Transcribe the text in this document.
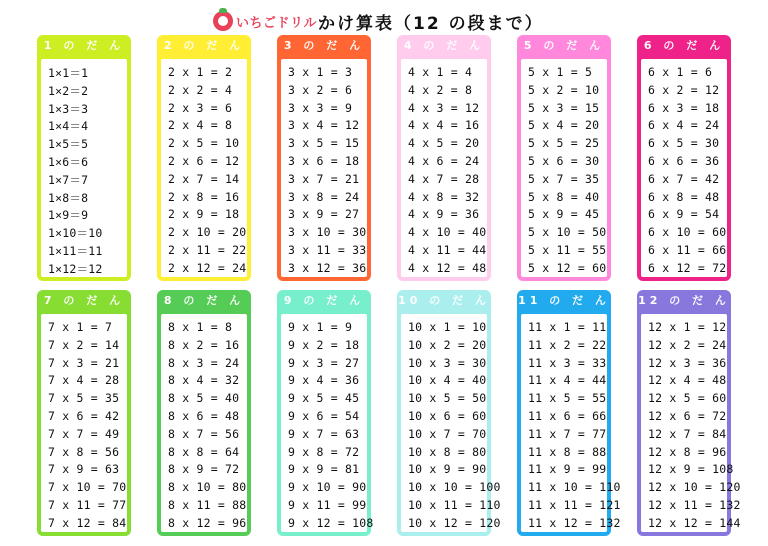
いちごドリル かけ算表（12 の段まで）
1 の だ ん
1×1＝1
1×2＝2
1×3＝3
1×4＝4
1×5＝5
1×6＝6
1×7＝7
1×8＝8
1×9＝9
1×10＝10
1×11＝11
1×12＝12
2 の だ ん
2 x 1 = 2
2 x 2 = 4
2 x 3 = 6
2 x 4 = 8
2 x 5 = 10
2 x 6 = 12
2 x 7 = 14
2 x 8 = 16
2 x 9 = 18
2 x 10 = 20
2 x 11 = 22
2 x 12 = 24
3 の だ ん
3 x 1 = 3
3 x 2 = 6
3 x 3 = 9
3 x 4 = 12
3 x 5 = 15
3 x 6 = 18
3 x 7 = 21
3 x 8 = 24
3 x 9 = 27
3 x 10 = 30
3 x 11 = 33
3 x 12 = 36
4 の だ ん
4 x 1 = 4
4 x 2 = 8
4 x 3 = 12
4 x 4 = 16
4 x 5 = 20
4 x 6 = 24
4 x 7 = 28
4 x 8 = 32
4 x 9 = 36
4 x 10 = 40
4 x 11 = 44
4 x 12 = 48
5 の だ ん
5 x 1 = 5
5 x 2 = 10
5 x 3 = 15
5 x 4 = 20
5 x 5 = 25
5 x 6 = 30
5 x 7 = 35
5 x 8 = 40
5 x 9 = 45
5 x 10 = 50
5 x 11 = 55
5 x 12 = 60
6 の だ ん
6 x 1 = 6
6 x 2 = 12
6 x 3 = 18
6 x 4 = 24
6 x 5 = 30
6 x 6 = 36
6 x 7 = 42
6 x 8 = 48
6 x 9 = 54
6 x 10 = 60
6 x 11 = 66
6 x 12 = 72
7 の だ ん
7 x 1 = 7
7 x 2 = 14
7 x 3 = 21
7 x 4 = 28
7 x 5 = 35
7 x 6 = 42
7 x 7 = 49
7 x 8 = 56
7 x 9 = 63
7 x 10 = 70
7 x 11 = 77
7 x 12 = 84
8 の だ ん
8 x 1 = 8
8 x 2 = 16
8 x 3 = 24
8 x 4 = 32
8 x 5 = 40
8 x 6 = 48
8 x 7 = 56
8 x 8 = 64
8 x 9 = 72
8 x 10 = 80
8 x 11 = 88
8 x 12 = 96
9 の だ ん
9 x 1 = 9
9 x 2 = 18
9 x 3 = 27
9 x 4 = 36
9 x 5 = 45
9 x 6 = 54
9 x 7 = 63
9 x 8 = 72
9 x 9 = 81
9 x 10 = 90
9 x 11 = 99
9 x 12 = 108
10 の だ ん
10 x 1 = 10
10 x 2 = 20
10 x 3 = 30
10 x 4 = 40
10 x 5 = 50
10 x 6 = 60
10 x 7 = 70
10 x 8 = 80
10 x 9 = 90
10 x 10 = 100
10 x 11 = 110
10 x 12 = 120
11 の だ ん
11 x 1 = 11
11 x 2 = 22
11 x 3 = 33
11 x 4 = 44
11 x 5 = 55
11 x 6 = 66
11 x 7 = 77
11 x 8 = 88
11 x 9 = 99
11 x 10 = 110
11 x 11 = 121
11 x 12 = 132
12 の だ ん
12 x 1 = 12
12 x 2 = 24
12 x 3 = 36
12 x 4 = 48
12 x 5 = 60
12 x 6 = 72
12 x 7 = 84
12 x 8 = 96
12 x 9 = 108
12 x 10 = 120
12 x 11 = 132
12 x 12 = 144
